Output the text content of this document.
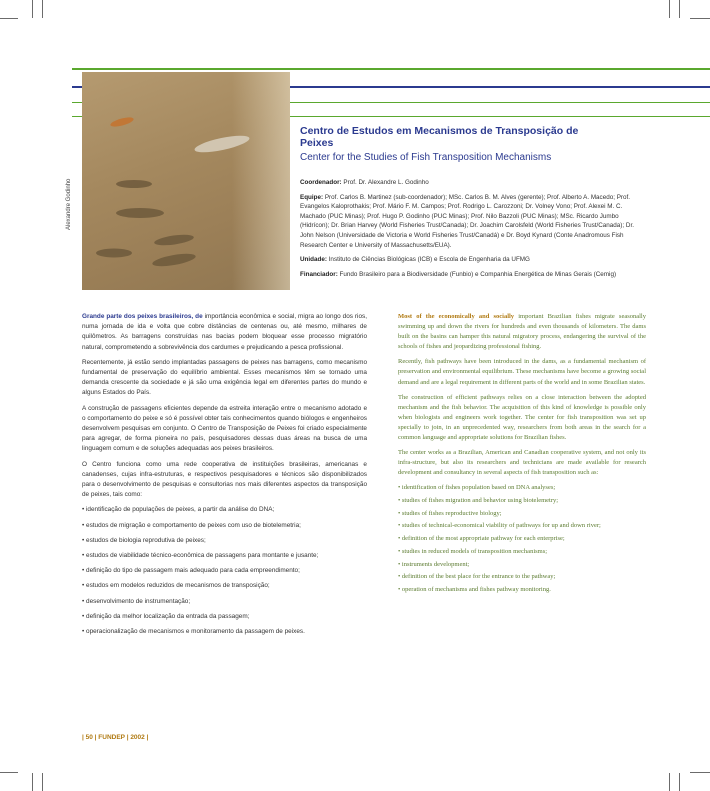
Alexandre Godinho
Centro de Estudos em Mecanismos de Transposição de Peixes
Center for the Studies of Fish Transposition Mechanisms

Coordenador: Prof. Dr. Alexandre L. Godinho

Equipe: Prof. Carlos B. Martinez (sub-coordenador); MSc. Carlos B. M. Alves (gerente); Prof. Alberto A. Macedo; Prof. Evangelos Kaloprothakis; Prof. Mário F. M. Campos; Prof. Rodrigo L. Carozzoni; Dr. Volney Vono; Prof. Alexei M. C. Machado (PUC Minas); Prof. Hugo P. Godinho (PUC Minas); Prof. Nilo Bazzoli (PUC Minas); MSc. Ricardo Jumbo (Hidrícon); Dr. Brian Harvey (World Fisheries Trust/Canada); Dr. Joachim Carolsfeld (World Fisheries Trust/Canada); Dr. John Nelson (Universidade de Victoria e World Fisheries Trust/Canadá) e Dr. Boyd Kynard (Conte Anadromous Fish Research Center e University of Massachusetts/EUA).

Unidade: Instituto de Ciências Biológicas (ICB) e Escola de Engenharia da UFMG

Financiador: Fundo Brasileiro para a Biodiversidade (Funbio) e Companhia Energética de Minas Gerais (Cemig)

Grande parte dos peixes brasileiros, de importância econômica e social, migra ao longo dos rios, numa jornada de ida e volta que cobre distâncias de centenas ou, até mesmo, milhares de quilômetros. As barragens construídas nas bacias podem bloquear esse processo migratório natural, comprometendo a sobrevivência dos cardumes e prejudicando a pesca profissional.

Recentemente, já estão sendo implantadas passagens de peixes nas barragens, como mecanismo fundamental de preservação do equilíbrio ambiental. Esses mecanismos têm se tornado uma demanda crescente da sociedade e já são uma exigência legal em diferentes partes do mundo e alguns Estados do País.

A construção de passagens eficientes depende da estreita interação entre o mecanismo adotado e o comportamento do peixe e só é possível obter tais conhecimentos quando biólogos e engenheiros desenvolvem pesquisas em conjunto. O Centro de Transposição de Peixes foi criado especialmente para agregar, de forma pioneira no país, pesquisadores dessas duas áreas na busca de uma linguagem comum e de soluções adequadas aos peixes brasileiros.

O Centro funciona como uma rede cooperativa de instituições brasileiras, americanas e canadenses, cujas infra-estruturas, e respectivos pesquisadores e técnicos são disponibilizados para o desenvolvimento de pesquisas e consultorias nos mais diferentes aspectos da transposição de peixes, tais como:

• identificação de populações de peixes, a partir da análise do DNA;
• estudos de migração e comportamento de peixes com uso de biotelemetria;
• estudos de biologia reprodutiva de peixes;
• estudos de viabilidade técnico-econômica de passagens para montante e jusante;
• definição do tipo de passagem mais adequado para cada empreendimento;
• estudos em modelos reduzidos de mecanismos de transposição;
• desenvolvimento de instrumentação;
• definição da melhor localização da entrada da passagem;
• operacionalização de mecanismos e monitoramento da passagem de peixes.

Most of the economically and socially important Brazilian fishes migrate seasonally swimming up and down the rivers for hundreds and even thousands of kilometers. The dams built on the basins can hamper this natural migratory process, endangering the survival of the schools of fishes and jeopardizing professional fishing.

Recently, fish pathways have been introduced in the dams, as a fundamental mechanism of preservation and environmental equilibrium. These mechanisms have become a growing social demand and are a legal requirement in different parts of the world and in some Brazilian states.

The construction of efficient pathways relies on a close interaction between the adopted mechanism and the fish behavior. The acquisition of this kind of knowledge is possible only when biologists and engineers work together. The center for fish transposition was set up specially to join, in an unprecedented way, researchers from both areas in the search for a common language and appropriate solutions for Brazilian fishes.

The center works as a Brazilian, American and Canadian cooperative system, and not only its infra-structure, but also its researchers and technicians are made available for research development and consultancy in several aspects of fish transposition such as:

• identification of fishes population based on DNA analyses;
• studies of fishes migration and behavior using biotelemetry;
• studies of fishes reproductive biology;
• studies of technical-economical viability of pathways for up and down river;
• definition of the most appropriate pathway for each enterprise;
• studies in reduced models of transposition mechanisms;
• instruments development;
• definition of the best place for the entrance to the pathway;
• operation of mechanisms and fishes pathway monitoring.
| 50 | FUNDEP | 2002 |
